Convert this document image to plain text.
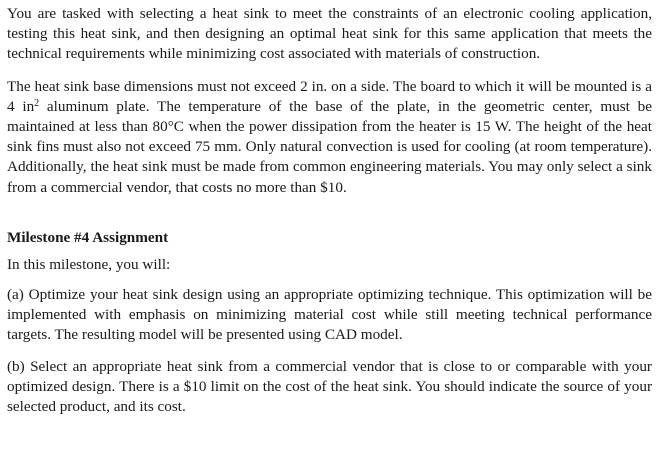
You are tasked with selecting a heat sink to meet the constraints of an electronic cooling application, testing this heat sink, and then designing an optimal heat sink for this same application that meets the technical requirements while minimizing cost associated with materials of construction.

The heat sink base dimensions must not exceed 2 in. on a side. The board to which it will be mounted is a 4 $in^2$ aluminum plate. The temperature of the base of the plate, in the geometric center, must be maintained at less than 80°C when the power dissipation from the heater is 15 W. The height of the heat sink fins must also not exceed 75 mm. Only natural convection is used for cooling (at room temperature). Additionally, the heat sink must be made from common engineering materials. You may only select a sink from a commercial vendor, that costs no more than $10.

Milestone #4 Assignment

In this milestone, you will:

(a) Optimize your heat sink design using an appropriate optimizing technique. This optimization will be implemented with emphasis on minimizing material cost while still meeting technical performance targets. The resulting model will be presented using CAD model.

(b) Select an appropriate heat sink from a commercial vendor that is close to or comparable with your optimized design. There is a $10 limit on the cost of the heat sink. You should indicate the source of your selected product, and its cost.
